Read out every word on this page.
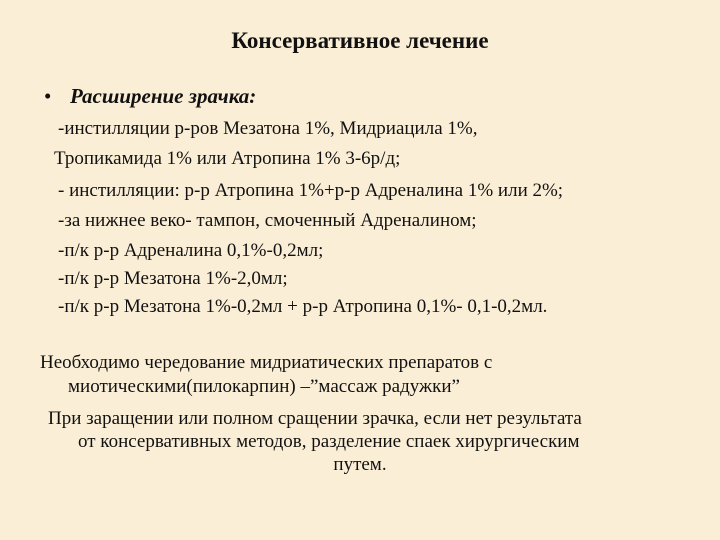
Консервативное лечение
• Расширение зрачка:
-инстилляции р-ров Мезатона 1%, Мидриацила 1%,
Тропикамида 1% или Атропина 1% 3-6р/д;
- инстилляции: р-р Атропина 1%+р-р Адреналина 1% или 2%;
-за нижнее веко- тампон, смоченный Адреналином;
-п/к р-р Адреналина 0,1%-0,2мл;
-п/к р-р Мезатона 1%-2,0мл;
-п/к р-р Мезатона 1%-0,2мл + р-р Атропина 0,1%- 0,1-0,2мл.
Необходимо чередование мидриатических препаратов с
миотическими(пилокарпин) –”массаж радужки”
При заращении или полном сращении зрачка, если нет результата
от консервативных методов, разделение спаек хирургическим
путем.
